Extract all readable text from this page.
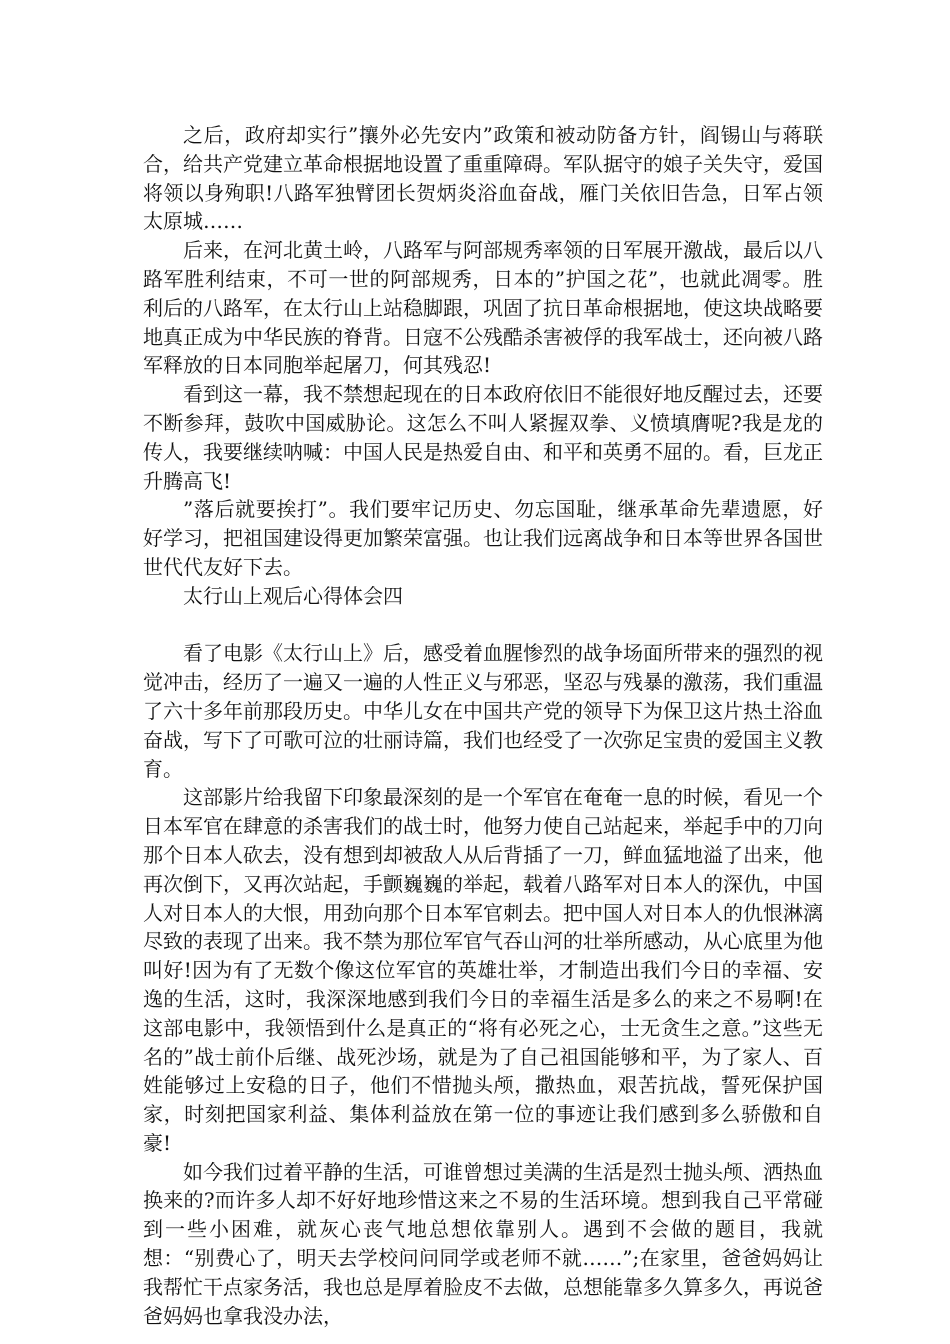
之后，政府却实行”攘外必先安内”政策和被动防备方针，阎锡山与蒋联合，给共产党建立革命根据地设置了重重障碍。军队据守的娘子关失守，爱国将领以身殉职!八路军独臂团长贺炳炎浴血奋战，雁门关依旧告急，日军占领太原城……

后来，在河北黄土岭，八路军与阿部规秀率领的日军展开激战，最后以八路军胜利结束，不可一世的阿部规秀，日本的”护国之花”，也就此凋零。胜利后的八路军，在太行山上站稳脚跟，巩固了抗日革命根据地，使这块战略要地真正成为中华民族的脊背。日寇不公残酷杀害被俘的我军战士，还向被八路军释放的日本同胞举起屠刀，何其残忍!

看到这一幕，我不禁想起现在的日本政府依旧不能很好地反醒过去，还要不断参拜，鼓吹中国威胁论。这怎么不叫人紧握双拳、义愤填膺呢?我是龙的传人，我要继续呐喊：中国人民是热爱自由、和平和英勇不屈的。看，巨龙正升腾高飞!

”落后就要挨打”。我们要牢记历史、勿忘国耻，继承革命先辈遗愿，好好学习，把祖国建设得更加繁荣富强。也让我们远离战争和日本等世界各国世世代代友好下去。

太行山上观后心得体会四

看了电影《太行山上》后，感受着血腥惨烈的战争场面所带来的强烈的视觉冲击，经历了一遍又一遍的人性正义与邪恶，坚忍与残暴的激荡，我们重温了六十多年前那段历史。中华儿女在中国共产党的领导下为保卫这片热土浴血奋战，写下了可歌可泣的壮丽诗篇，我们也经受了一次弥足宝贵的爱国主义教育。

这部影片给我留下印象最深刻的是一个军官在奄奄一息的时候，看见一个日本军官在肆意的杀害我们的战士时，他努力使自己站起来，举起手中的刀向那个日本人砍去，没有想到却被敌人从后背插了一刀，鲜血猛地溢了出来，他再次倒下，又再次站起，手颤巍巍的举起，载着八路军对日本人的深仇，中国人对日本人的大恨，用劲向那个日本军官刺去。把中国人对日本人的仇恨淋漓尽致的表现了出来。我不禁为那位军官气吞山河的壮举所感动，从心底里为他叫好!因为有了无数个像这位军官的英雄壮举，才制造出我们今日的幸福、安逸的生活，这时，我深深地感到我们今日的幸福生活是多么的来之不易啊!在这部电影中，我领悟到什么是真正的“将有必死之心，士无贪生之意。”这些无名的”战士前仆后继、战死沙场，就是为了自己祖国能够和平，为了家人、百姓能够过上安稳的日子，他们不惜抛头颅，撒热血，艰苦抗战，誓死保护国家，时刻把国家利益、集体利益放在第一位的事迹让我们感到多么骄傲和自豪!

如今我们过着平静的生活，可谁曾想过美满的生活是烈士抛头颅、洒热血换来的?而许多人却不好好地珍惜这来之不易的生活环境。想到我自己平常碰到一些小困难，就灰心丧气地总想依靠别人。遇到不会做的题目，我就想：“别费心了，明天去学校问问同学或老师不就……”;在家里，爸爸妈妈让我帮忙干点家务活，我也总是厚着脸皮不去做，总想能靠多久算多久，再说爸爸妈妈也拿我没办法，
